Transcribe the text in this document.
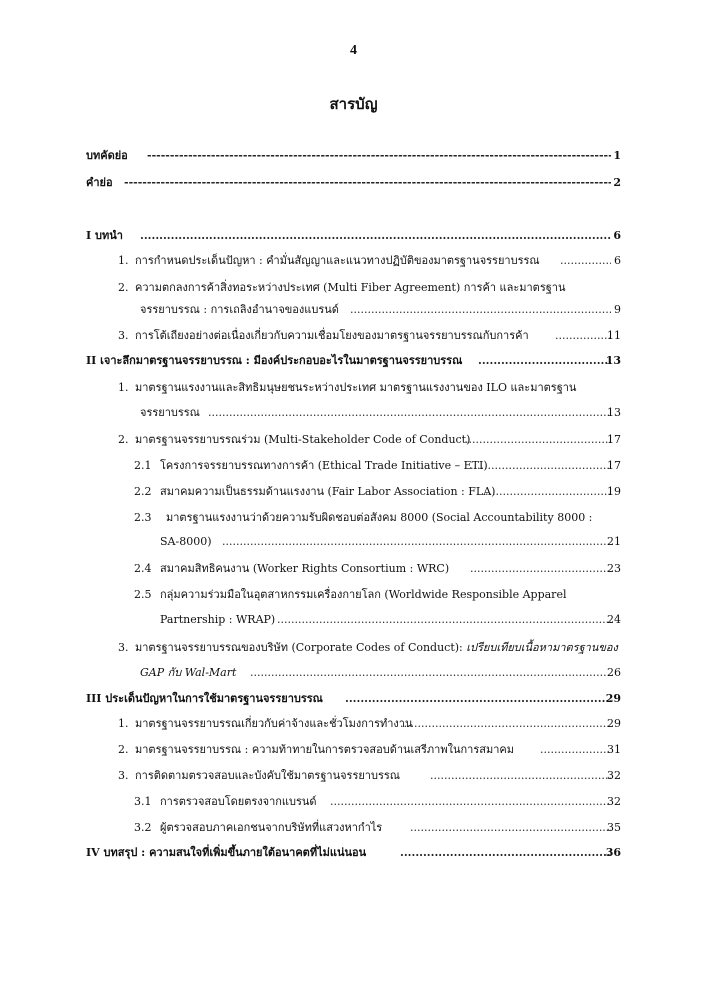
4
สารบัญ
บทคัดย่อ -----	1
คำย่อ -----	2
I บทนำ .....	6
1. การกำหนดประเด็นปัญหา : คำมั่นสัญญาและแนวทางปฏิบัติของมาตรฐานจรรยาบรรณ .....	6
2. ความตกลงการค้าสิ่งทอระหว่างประเทศ (Multi Fiber Agreement) การค้า และมาตรฐาน
จรรยาบรรณ : การเถลิงอำนาจของแบรนด์ .....	9
3. การโต้เถียงอย่างต่อเนื่องเกี่ยวกับความเชื่อมโยงของมาตรฐานจรรยาบรรณกับการค้า .....	11
II เจาะลึกมาตรฐานจรรยาบรรณ : มีองค์ประกอบอะไรในมาตรฐานจรรยาบรรณ .....	13
1. มาตรฐานแรงงานและสิทธิมนุษยชนระหว่างประเทศ มาตรฐานแรงงานของ ILO และมาตรฐาน
จรรยาบรรณ .....	13
2. มาตรฐานจรรยาบรรณร่วม (Multi-Stakeholder Code of Conduct) .....	17
2.1 โครงการจรรยาบรรณทางการค้า (Ethical Trade Initiative – ETI) .....	17
2.2 สมาคมความเป็นธรรมด้านแรงงาน (Fair Labor Association : FLA) .....	19
2.3 มาตรฐานแรงงานว่าด้วยความรับผิดชอบต่อสังคม 8000 (Social Accountability 8000 :
SA-8000) .....	21
2.4 สมาคมสิทธิคนงาน (Worker Rights Consortium : WRC) .....	23
2.5 กลุ่มความร่วมมือในอุตสาหกรรมเครื่องกายโลก (Worldwide Responsible Apparel
Partnership : WRAP) .....	24
3. มาตรฐานจรรยาบรรณของบริษัท (Corporate Codes of Conduct): เปรียบเทียบเนื้อหามาตรฐานของ
GAP กับ Wal-Mart .....	26
III ประเด็นปัญหาในการใช้มาตรฐานจรรยาบรรณ .....	29
1. มาตรฐานจรรยาบรรณเกี่ยวกับค่าจ้างและชั่วโมงการทำงาน .....	29
2. มาตรฐานจรรยาบรรณ : ความท้าทายในการตรวจสอบด้านเสรีภาพในการสมาคม .....	31
3. การติดตามตรวจสอบและบังคับใช้มาตรฐานจรรยาบรรณ .....	32
3.1 การตรวจสอบโดยตรงจากแบรนด์ .....	32
3.2 ผู้ตรวจสอบภาคเอกชนจากบริษัทที่แสวงหากำไร .....	35
IV บทสรุป : ความสนใจที่เพิ่มขึ้นภายใต้อนาคตที่ไม่แน่นอน .....	36
